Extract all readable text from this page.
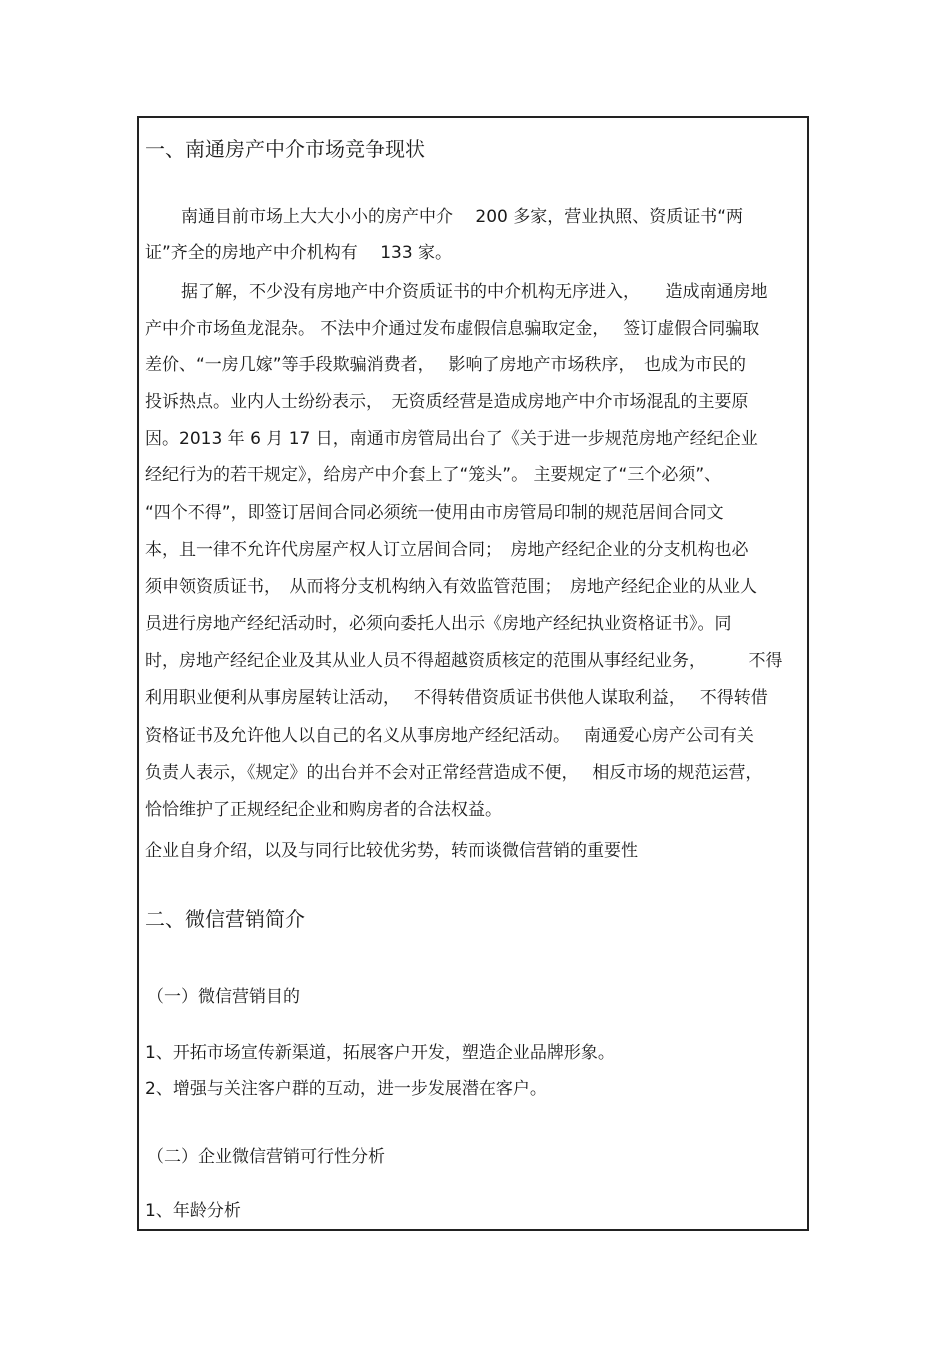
一、南通房产中介市场竞争现状
南通目前市场上大大小小的房产中介　 200 多家，营业执照、资质证书“两
证”齐全的房地产中介机构有　 133 家。
据了解，不少没有房地产中介资质证书的中介机构无序进入，　　造成南通房地
产中介市场鱼龙混杂。 不法中介通过发布虚假信息骗取定金，　 签订虚假合同骗取
差价、“一房几嫁”等手段欺骗消费者，　 影响了房地产市场秩序，　也成为市民的
投诉热点。业内人士纷纷表示，　无资质经营是造成房地产中介市场混乱的主要原
因。2013 年 6 月 17 日，南通市房管局出台了《关于进一步规范房地产经纪企业
经纪行为的若干规定》，给房产中介套上了“笼头”。 主要规定了“三个必须”、
“四个不得”，即签订居间合同必须统一使用由市房管局印制的规范居间合同文
本，且一律不允许代房屋产权人订立居间合同；　房地产经纪企业的分支机构也必
须申领资质证书，　从而将分支机构纳入有效监管范围；　房地产经纪企业的从业人
员进行房地产经纪活动时，必须向委托人出示《房地产经纪执业资格证书》。同
时，房地产经纪企业及其从业人员不得超越资质核定的范围从事经纪业务，　　　不得
利用职业便利从事房屋转让活动，　 不得转借资质证书供他人谋取利益，　 不得转借
资格证书及允许他人以自己的名义从事房地产经纪活动。　 南通爱心房产公司有关
负责人表示，《规定》的出台并不会对正常经营造成不便，　 相反市场的规范运营，
恰恰维护了正规经纪企业和购房者的合法权益。
企业自身介绍，以及与同行比较优劣势，转而谈微信营销的重要性
二、微信营销简介
（一）微信营销目的
1、开拓市场宣传新渠道，拓展客户开发，塑造企业品牌形象。
2、增强与关注客户群的互动，进一步发展潜在客户。
（二）企业微信营销可行性分析
1、年龄分析
